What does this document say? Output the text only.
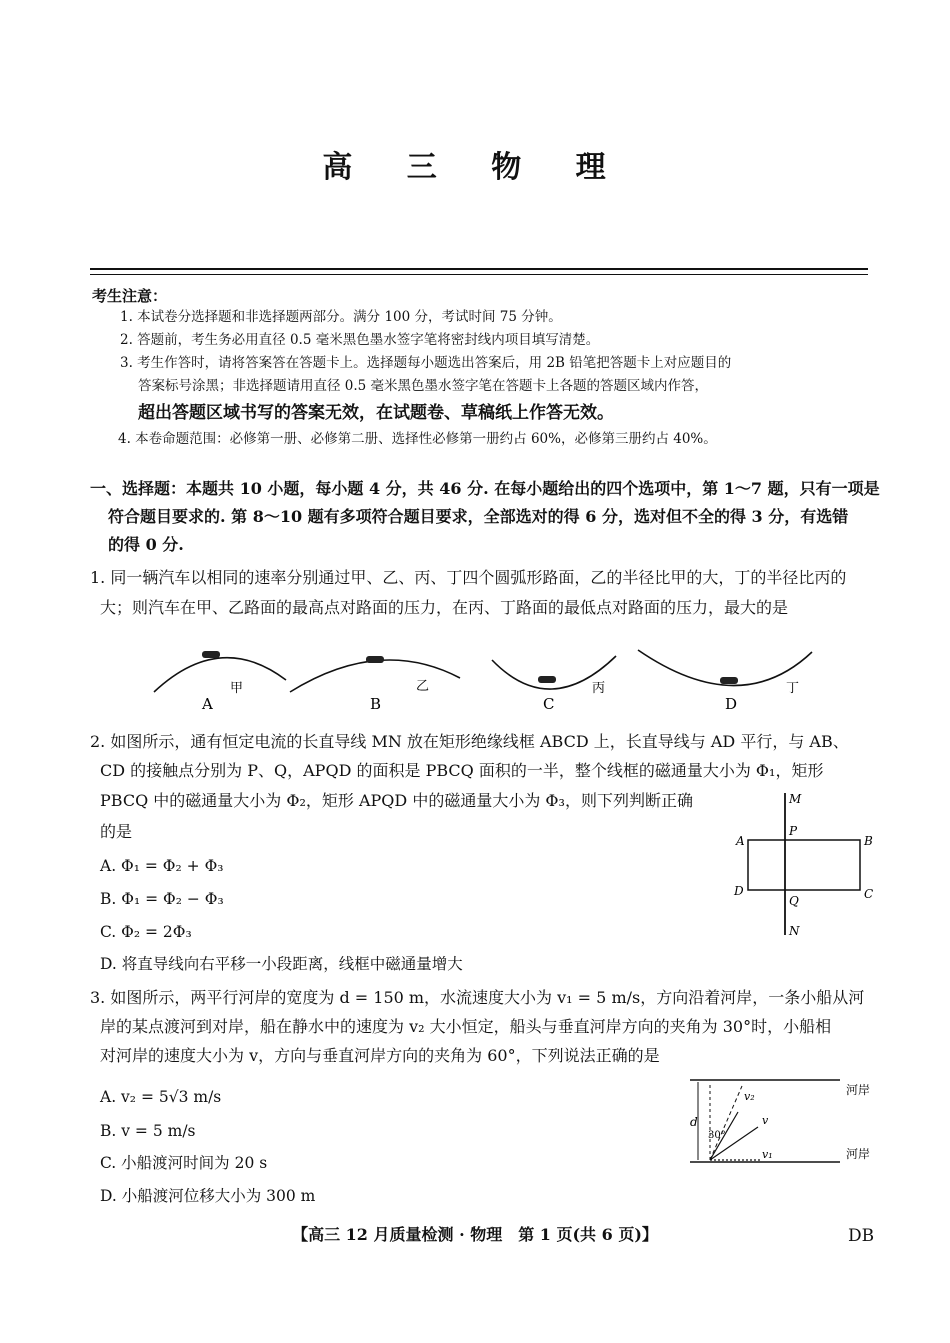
高 三 物 理
考生注意：
1. 本试卷分选择题和非选择题两部分。满分 100 分，考试时间 75 分钟。
2. 答题前，考生务必用直径 0.5 毫米黑色墨水签字笔将密封线内项目填写清楚。
3. 考生作答时，请将答案答在答题卡上。选择题每小题选出答案后，用 2B 铅笔把答题卡上对应题目的
答案标号涂黑；非选择题请用直径 0.5 毫米黑色墨水签字笔在答题卡上各题的答题区域内作答，
超出答题区域书写的答案无效，在试题卷、草稿纸上作答无效。
4. 本卷命题范围：必修第一册、必修第二册、选择性必修第一册约占 60%，必修第三册约占 40%。
一、选择题：本题共 10 小题，每小题 4 分，共 46 分. 在每小题给出的四个选项中，第 1～7 题，只有一项是
符合题目要求的. 第 8～10 题有多项符合题目要求，全部选对的得 6 分，选对但不全的得 3 分，有选错
的得 0 分.
1. 同一辆汽车以相同的速率分别通过甲、乙、丙、丁四个圆弧形路面，乙的半径比甲的大，丁的半径比丙的
大；则汽车在甲、乙路面的最高点对路面的压力，在丙、丁路面的最低点对路面的压力，最大的是
A
甲
B
乙
C
丙
D
丁
2. 如图所示，通有恒定电流的长直导线 MN 放在矩形绝缘线框 ABCD 上，长直导线与 AD 平行，与 AB、
CD 的接触点分别为 P、Q，APQD 的面积是 PBCQ 面积的一半，整个线框的磁通量大小为 Φ₁，矩形
PBCQ 中的磁通量大小为 Φ₂，矩形 APQD 中的磁通量大小为 Φ₃，则下列判断正确
的是
A. Φ₁ = Φ₂ + Φ₃
B. Φ₁ = Φ₂ − Φ₃
C. Φ₂ = 2Φ₃
D. 将直导线向右平移一小段距离，线框中磁通量增大
M
N
A	B
C
D
P
Q
3. 如图所示，两平行河岸的宽度为 d = 150 m，水流速度大小为 v₁ = 5 m/s，方向沿着河岸，一条小船从河
岸的某点渡河到对岸，船在静水中的速度为 v₂ 大小恒定，船头与垂直河岸方向的夹角为 30°时，小船相
对河岸的速度大小为 v，方向与垂直河岸方向的夹角为 60°，下列说法正确的是
A. v₂ = 5√3 m/s
B. v = 5 m/s
C. 小船渡河时间为 20 s
D. 小船渡河位移大小为 300 m
河岸
河岸
d
v₂
v
v₁
30°
【高三 12 月质量检测 · 物理　第 1 页(共 6 页)】	DB
